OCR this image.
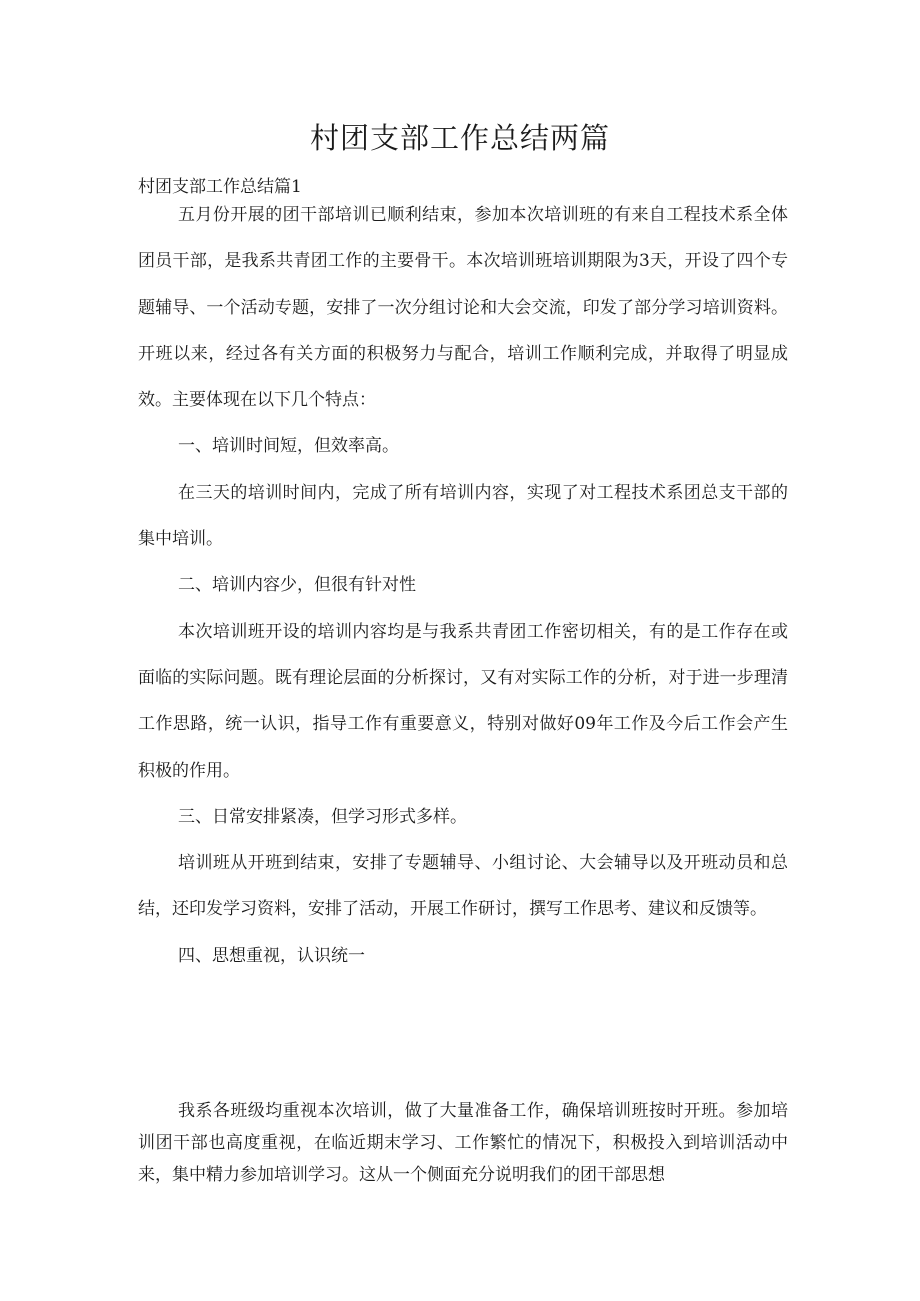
村团支部工作总结两篇
村团支部工作总结篇1

五月份开展的团干部培训已顺利结束，参加本次培训班的有来自工程技术系全体团员干部，是我系共青团工作的主要骨干。本次培训班培训期限为3天，开设了四个专题辅导、一个活动专题，安排了一次分组讨论和大会交流，印发了部分学习培训资料。开班以来，经过各有关方面的积极努力与配合，培训工作顺利完成，并取得了明显成效。主要体现在以下几个特点：

一、培训时间短，但效率高。

在三天的培训时间内，完成了所有培训内容，实现了对工程技术系团总支干部的集中培训。

二、培训内容少，但很有针对性

本次培训班开设的培训内容均是与我系共青团工作密切相关，有的是工作存在或面临的实际问题。既有理论层面的分析探讨，又有对实际工作的分析，对于进一步理清工作思路，统一认识，指导工作有重要意义，特别对做好09年工作及今后工作会产生积极的作用。

三、日常安排紧凑，但学习形式多样。

培训班从开班到结束，安排了专题辅导、小组讨论、大会辅导以及开班动员和总结，还印发学习资料，安排了活动，开展工作研讨，撰写工作思考、建议和反馈等。

四、思想重视，认识统一

我系各班级均重视本次培训，做了大量准备工作，确保培训班按时开班。参加培训团干部也高度重视，在临近期末学习、工作繁忙的情况下，积极投入到培训活动中来，集中精力参加培训学习。这从一个侧面充分说明我们的团干部思想
